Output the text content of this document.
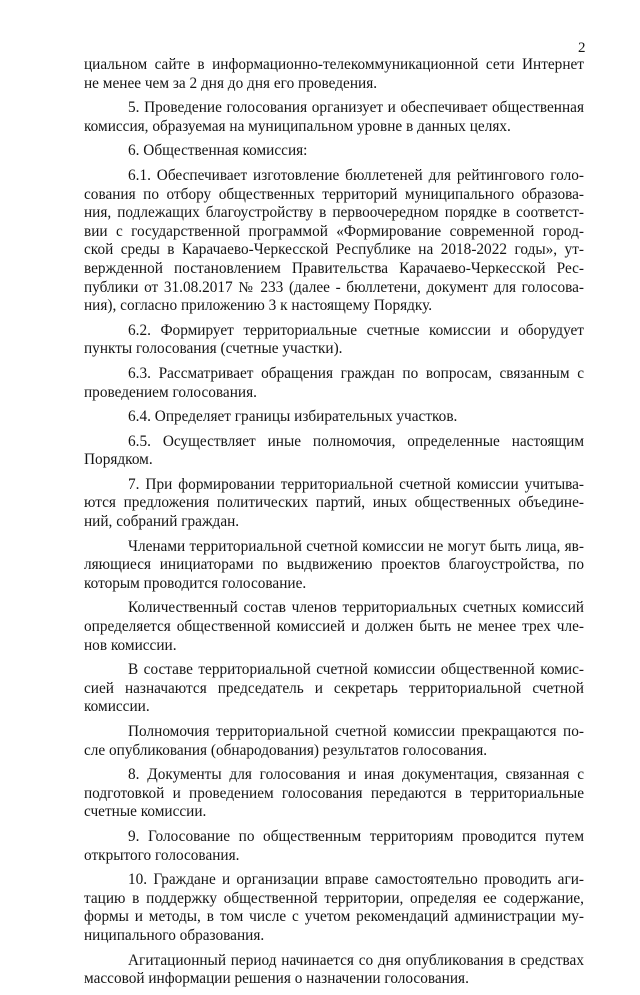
2
циальном сайте в информационно-телекоммуникационной сети Интернет
не менее чем за 2 дня до дня его проведения.
5. Проведение голосования организует и обеспечивает общественная
комиссия, образуемая на муниципальном уровне в данных целях.
6. Общественная комиссия:
6.1. Обеспечивает изготовление бюллетеней для рейтингового голо-
сования по отбору общественных территорий муниципального образова-
ния, подлежащих благоустройству в первоочередном порядке в соответст-
вии с государственной программой «Формирование современной город-
ской среды в Карачаево-Черкесской Республике на 2018-2022 годы», ут-
вержденной постановлением Правительства Карачаево-Черкесской Рес-
публики от 31.08.2017 № 233 (далее - бюллетени, документ для голосова-
ния), согласно приложению 3 к настоящему Порядку.
6.2. Формирует территориальные счетные комиссии и оборудует
пункты голосования (счетные участки).
6.3. Рассматривает обращения граждан по вопросам, связанным с
проведением голосования.
6.4. Определяет границы избирательных участков.
6.5. Осуществляет иные полномочия, определенные настоящим
Порядком.
7. При формировании территориальной счетной комиссии учитыва-
ются предложения политических партий, иных общественных объедине-
ний, собраний граждан.
Членами территориальной счетной комиссии не могут быть лица, яв-
ляющиеся инициаторами по выдвижению проектов благоустройства, по
которым проводится голосование.
Количественный состав членов территориальных счетных комиссий
определяется общественной комиссией и должен быть не менее трех чле-
нов комиссии.
В составе территориальной счетной комиссии общественной комис-
сией назначаются председатель и секретарь территориальной счетной
комиссии.
Полномочия территориальной счетной комиссии прекращаются по-
сле опубликования (обнародования) результатов голосования.
8. Документы для голосования и иная документация, связанная с
подготовкой и проведением голосования передаются в территориальные
счетные комиссии.
9. Голосование по общественным территориям проводится путем
открытого голосования.
10. Граждане и организации вправе самостоятельно проводить аги-
тацию в поддержку общественной территории, определяя ее содержание,
формы и методы, в том числе с учетом рекомендаций администрации му-
ниципального образования.
Агитационный период начинается со дня опубликования в средствах
массовой информации решения о назначении голосования.
